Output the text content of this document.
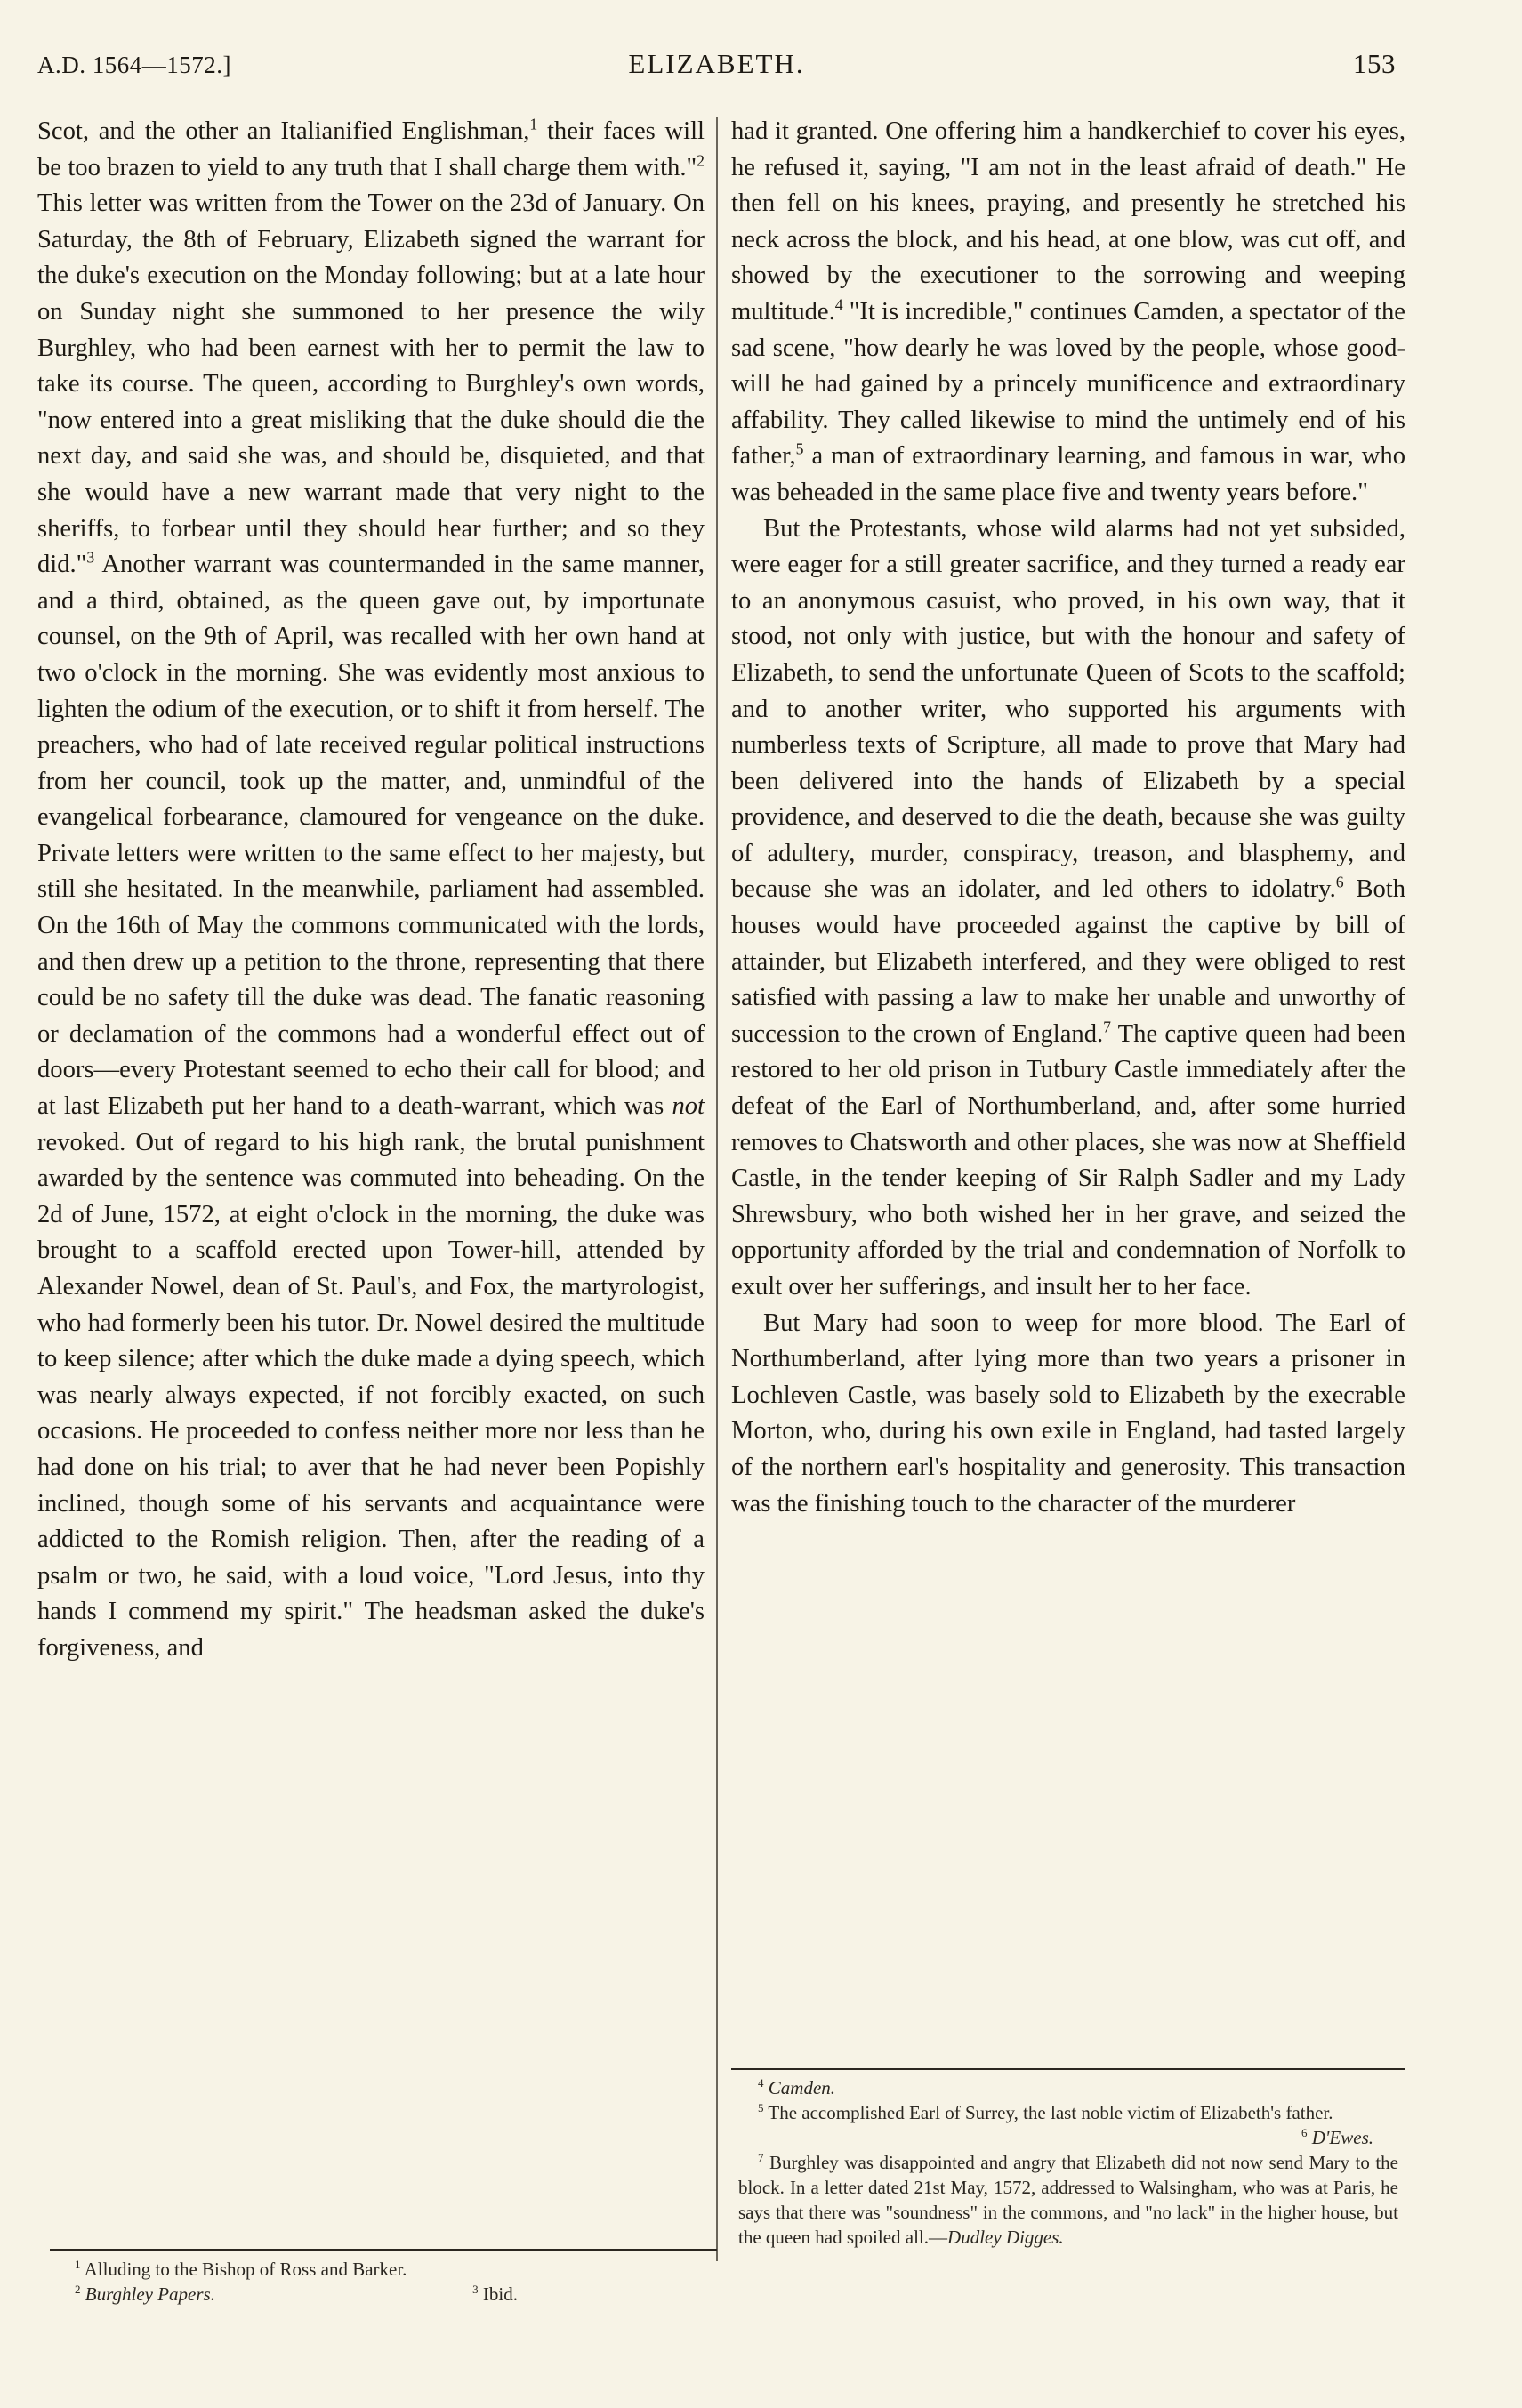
A.D. 1564—1572.]	ELIZABETH.	153

Scot, and the other an Italianified Englishman,$^1$ their faces will be too brazen to yield to any truth that I shall charge them with."$^2$ This letter was written from the Tower on the 23d of January. On Saturday, the 8th of February, Elizabeth signed the warrant for the duke's execution on the Monday following; but at a late hour on Sunday night she summoned to her presence the wily Burghley, who had been earnest with her to permit the law to take its course. The queen, according to Burghley's own words, "now entered into a great misliking that the duke should die the next day, and said she was, and should be, disquieted, and that she would have a new warrant made that very night to the sheriffs, to forbear until they should hear further; and so they did."$^3$ Another warrant was countermanded in the same manner, and a third, obtained, as the queen gave out, by importunate counsel, on the 9th of April, was recalled with her own hand at two o'clock in the morning. She was evidently most anxious to lighten the odium of the execution, or to shift it from herself. The preachers, who had of late received regular political instructions from her council, took up the matter, and, unmindful of the evangelical forbearance, clamoured for vengeance on the duke. Private letters were written to the same effect to her majesty, but still she hesitated. In the meanwhile, parliament had assembled. On the 16th of May the commons communicated with the lords, and then drew up a petition to the throne, representing that there could be no safety till the duke was dead. The fanatic reasoning or declamation of the commons had a wonderful effect out of doors—every Protestant seemed to echo their call for blood; and at last Elizabeth put her hand to a death-warrant, which was not revoked. Out of regard to his high rank, the brutal punishment awarded by the sentence was commuted into beheading. On the 2d of June, 1572, at eight o'clock in the morning, the duke was brought to a scaffold erected upon Tower-hill, attended by Alexander Nowel, dean of St. Paul's, and Fox, the martyrologist, who had formerly been his tutor. Dr. Nowel desired the multitude to keep silence; after which the duke made a dying speech, which was nearly always expected, if not forcibly exacted, on such occasions. He proceeded to confess neither more nor less than he had done on his trial; to aver that he had never been Popishly inclined, though some of his servants and acquaintance were addicted to the Romish religion. Then, after the reading of a psalm or two, he said, with a loud voice, "Lord Jesus, into thy hands I commend my spirit." The headsman asked the duke's forgiveness, and

had it granted. One offering him a handkerchief to cover his eyes, he refused it, saying, "I am not in the least afraid of death." He then fell on his knees, praying, and presently he stretched his neck across the block, and his head, at one blow, was cut off, and showed by the executioner to the sorrowing and weeping multitude.$^4$ "It is incredible," continues Camden, a spectator of the sad scene, "how dearly he was loved by the people, whose good-will he had gained by a princely munificence and extraordinary affability. They called likewise to mind the untimely end of his father,$^5$ a man of extraordinary learning, and famous in war, who was beheaded in the same place five and twenty years before."

But the Protestants, whose wild alarms had not yet subsided, were eager for a still greater sacrifice, and they turned a ready ear to an anonymous casuist, who proved, in his own way, that it stood, not only with justice, but with the honour and safety of Elizabeth, to send the unfortunate Queen of Scots to the scaffold; and to another writer, who supported his arguments with numberless texts of Scripture, all made to prove that Mary had been delivered into the hands of Elizabeth by a special providence, and deserved to die the death, because she was guilty of adultery, murder, conspiracy, treason, and blasphemy, and because she was an idolater, and led others to idolatry.$^6$ Both houses would have proceeded against the captive by bill of attainder, but Elizabeth interfered, and they were obliged to rest satisfied with passing a law to make her unable and unworthy of succession to the crown of England.$^7$ The captive queen had been restored to her old prison in Tutbury Castle immediately after the defeat of the Earl of Northumberland, and, after some hurried removes to Chatsworth and other places, she was now at Sheffield Castle, in the tender keeping of Sir Ralph Sadler and my Lady Shrewsbury, who both wished her in her grave, and seized the opportunity afforded by the trial and condemnation of Norfolk to exult over her sufferings, and insult her to her face.

But Mary had soon to weep for more blood. The Earl of Northumberland, after lying more than two years a prisoner in Lochleven Castle, was basely sold to Elizabeth by the execrable Morton, who, during his own exile in England, had tasted largely of the northern earl's hospitality and generosity. This transaction was the finishing touch to the character of the murderer

$^1$ Alluding to the Bishop of Ross and Barker.

$^2$ Burghley Papers.	$^3$ Ibid.

$^4$ Camden.

$^5$ The accomplished Earl of Surrey, the last noble victim of Elizabeth's father.
$^6$ D'Ewes.

$^7$ Burghley was disappointed and angry that Elizabeth did not now send Mary to the block. In a letter dated 21st May, 1572, addressed to Walsingham, who was at Paris, he says that there was "soundness" in the commons, and "no lack" in the higher house, but the queen had spoiled all.—Dudley Digges.
